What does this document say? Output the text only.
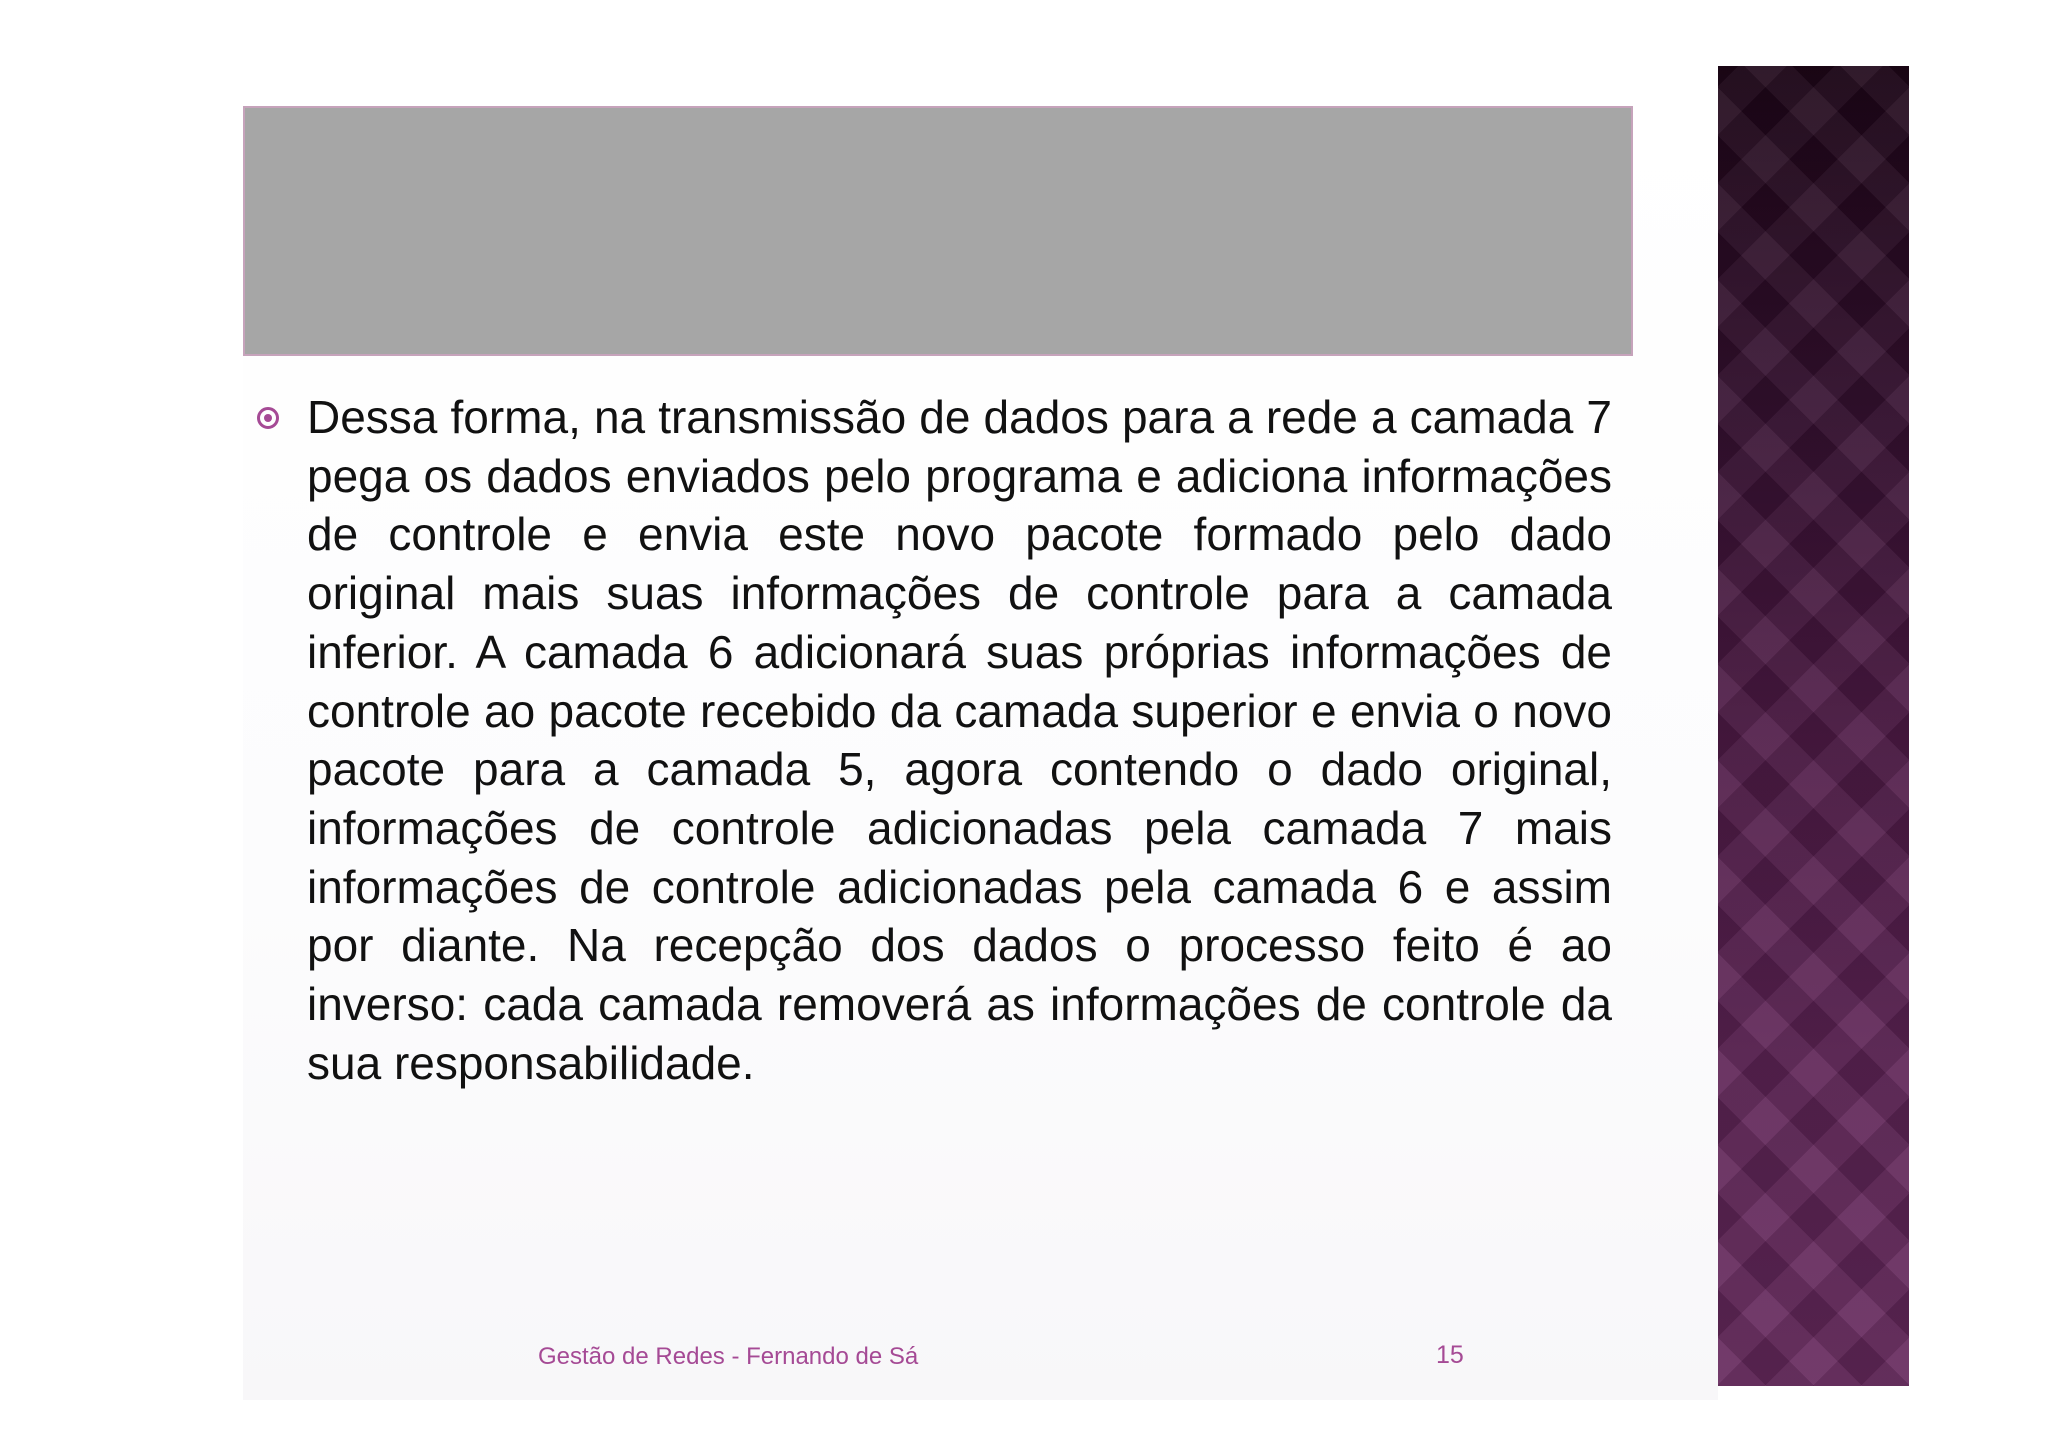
Dessa forma, na transmissão de dados para a rede a camada 7 pega os dados enviados pelo programa e adiciona informações de controle e envia este novo pacote formado pelo dado original mais suas informações de controle para a camada inferior. A camada 6 adicionará suas próprias informações de controle ao pacote recebido da camada superior e envia o novo pacote para a camada 5, agora contendo o dado original, informações de controle adicionadas pela camada 7 mais informações de controle adicionadas pela camada 6 e assim por diante. Na recepção dos dados o processo feito é ao inverso: cada camada removerá as informações de controle da sua responsabilidade.

Gestão de Redes - Fernando de Sá	15
